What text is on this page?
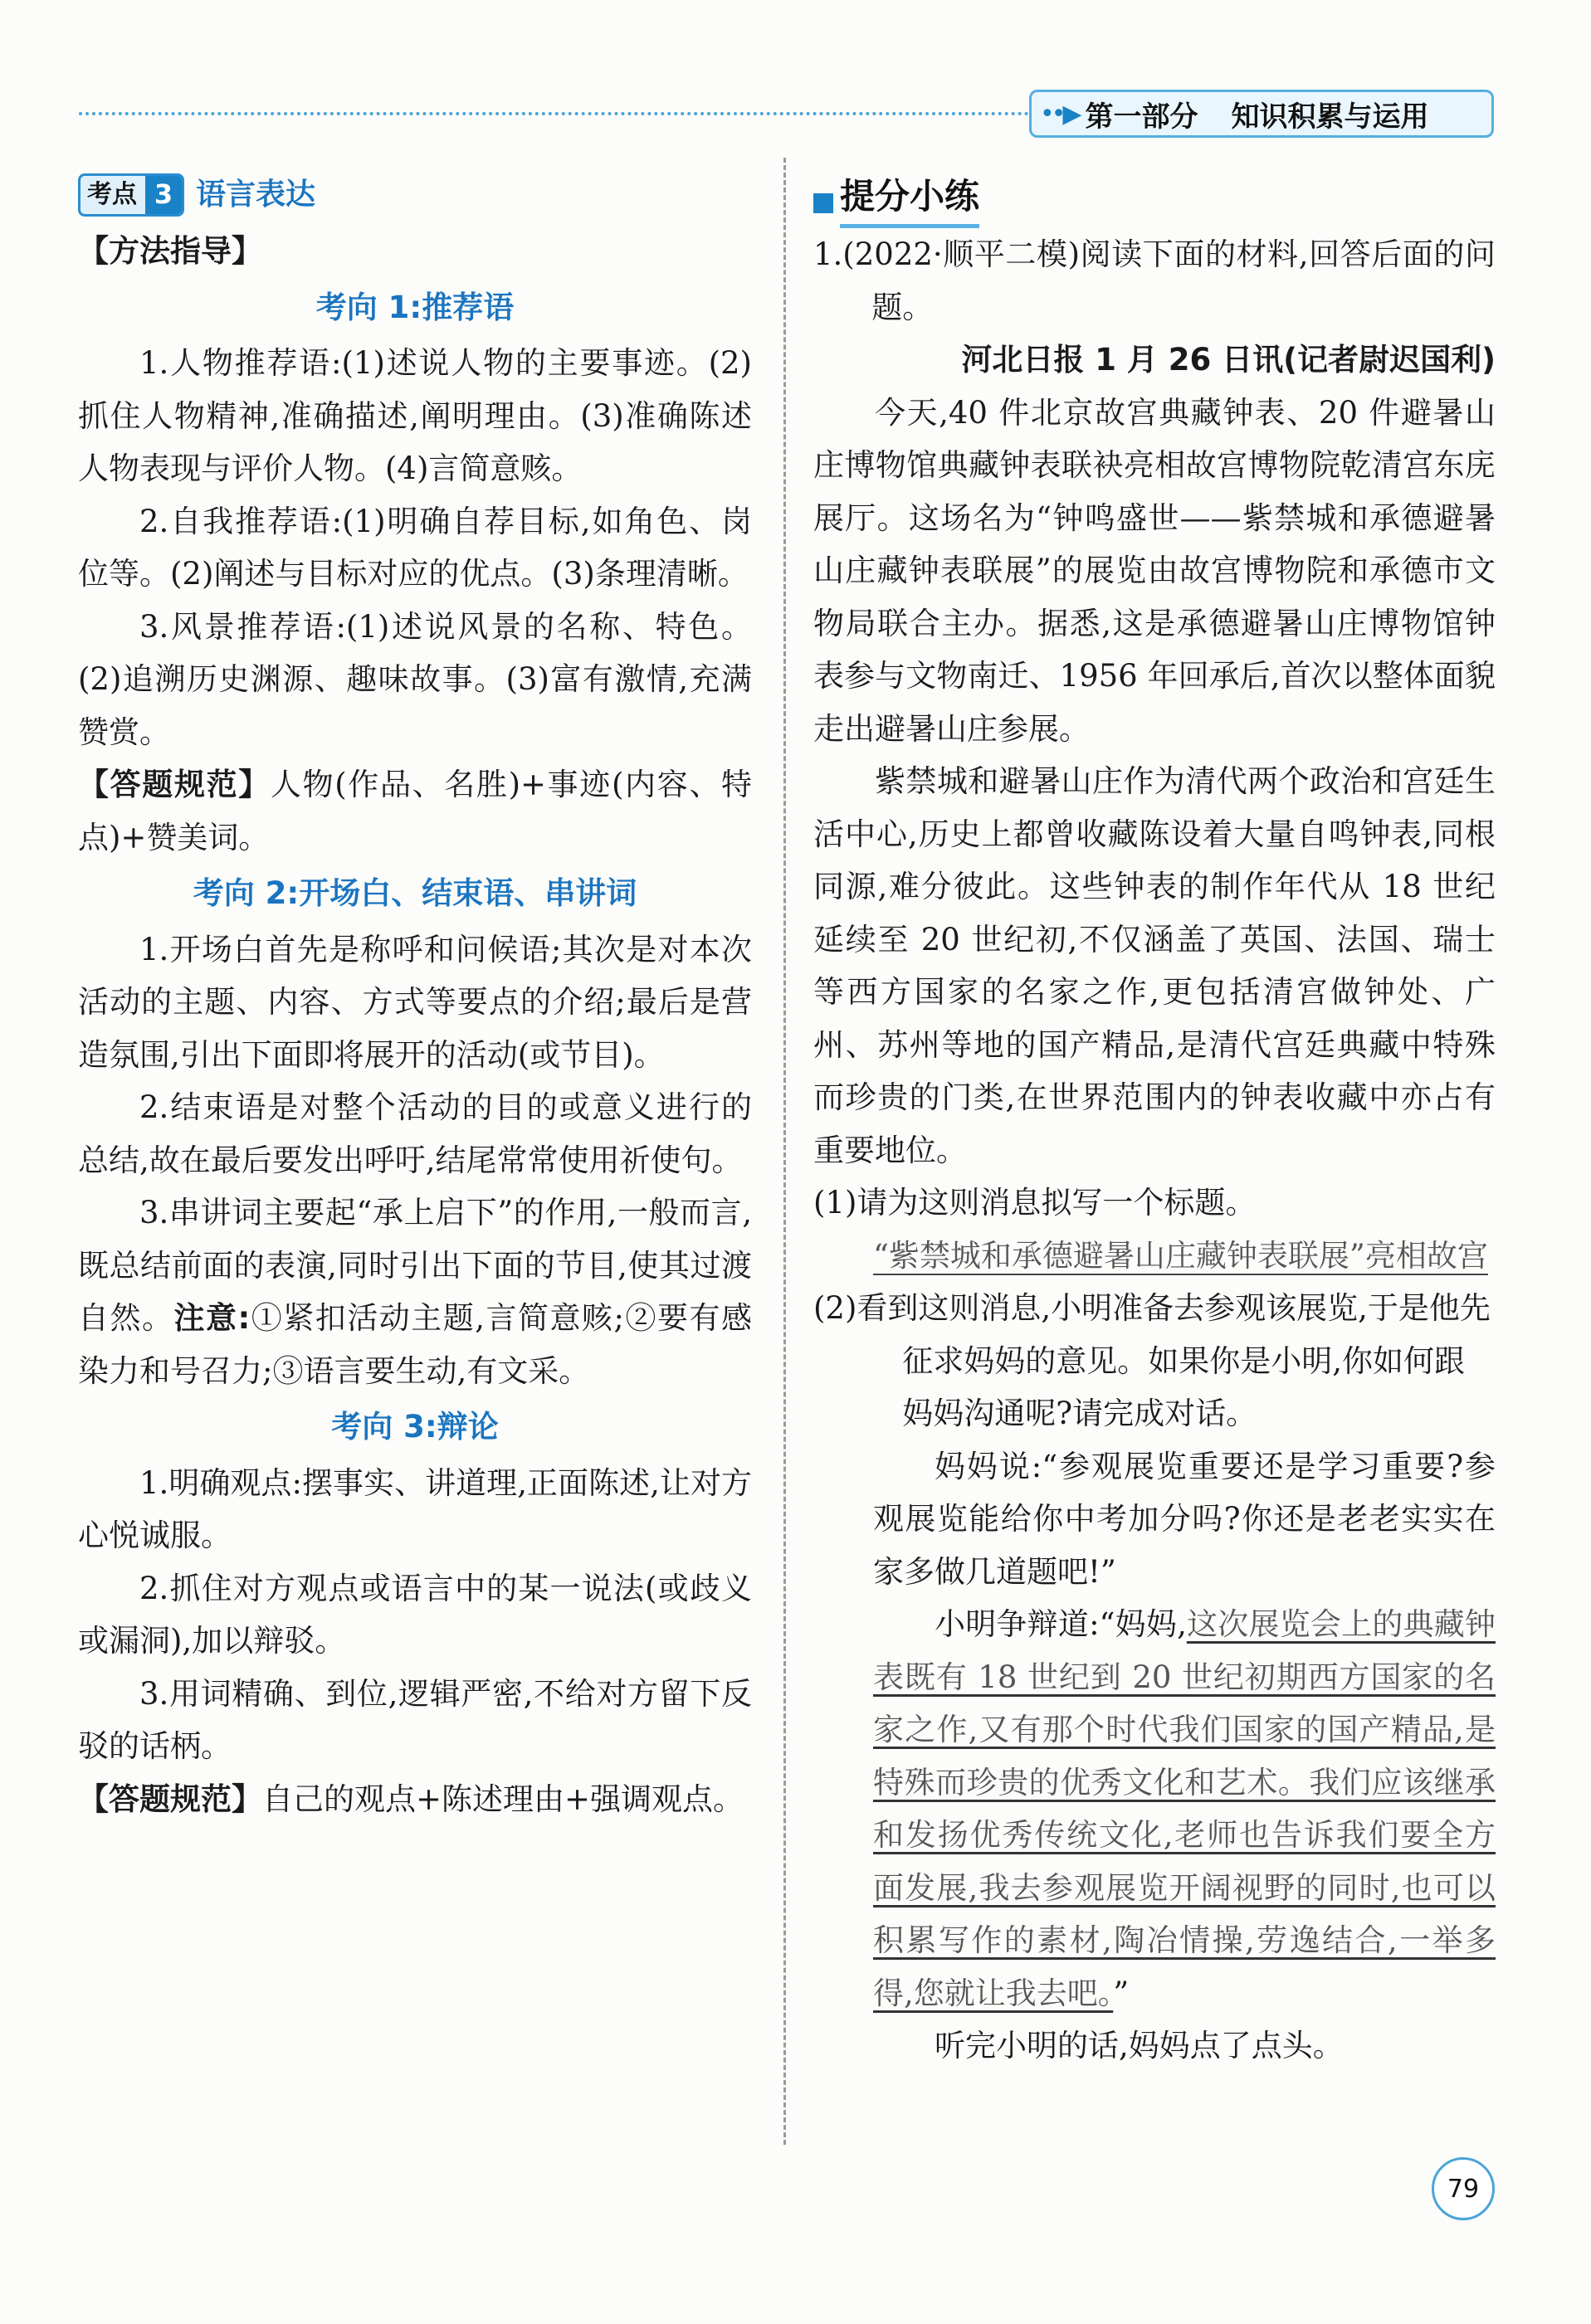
••▶ 第一部分 知识积累与运用
考点 3 语言表达

【方法指导】

考向 1:推荐语

1.人物推荐语:(1)述说人物的主要事迹。(2)抓住人物精神,准确描述,阐明理由。(3)准确陈述人物表现与评价人物。(4)言简意赅。

2.自我推荐语:(1)明确自荐目标,如角色、岗位等。(2)阐述与目标对应的优点。(3)条理清晰。

3.风景推荐语:(1)述说风景的名称、特色。(2)追溯历史渊源、趣味故事。(3)富有激情,充满赞赏。

【答题规范】人物(作品、名胜)+事迹(内容、特点)+赞美词。

考向 2:开场白、结束语、串讲词

1.开场白首先是称呼和问候语;其次是对本次活动的主题、内容、方式等要点的介绍;最后是营造氛围,引出下面即将展开的活动(或节目)。

2.结束语是对整个活动的目的或意义进行的总结,故在最后要发出呼吁,结尾常常使用祈使句。

3.串讲词主要起“承上启下”的作用,一般而言,既总结前面的表演,同时引出下面的节目,使其过渡自然。注意:①紧扣活动主题,言简意赅;②要有感染力和号召力;③语言要生动,有文采。

考向 3:辩论

1.明确观点:摆事实、讲道理,正面陈述,让对方心悦诚服。

2.抓住对方观点或语言中的某一说法(或歧义或漏洞),加以辩驳。

3.用词精确、到位,逻辑严密,不给对方留下反驳的话柄。

【答题规范】自己的观点+陈述理由+强调观点。

提分小练

1.(2022·顺平二模)阅读下面的材料,回答后面的问题。

河北日报 1 月 26 日讯(记者尉迟国利)

今天,40 件北京故宫典藏钟表、20 件避暑山庄博物馆典藏钟表联袂亮相故宫博物院乾清宫东庑展厅。这场名为“钟鸣盛世——紫禁城和承德避暑山庄藏钟表联展”的展览由故宫博物院和承德市文物局联合主办。据悉,这是承德避暑山庄博物馆钟表参与文物南迁、1956 年回承后,首次以整体面貌走出避暑山庄参展。

紫禁城和避暑山庄作为清代两个政治和宫廷生活中心,历史上都曾收藏陈设着大量自鸣钟表,同根同源,难分彼此。这些钟表的制作年代从 18 世纪延续至 20 世纪初,不仅涵盖了英国、法国、瑞士等西方国家的名家之作,更包括清宫做钟处、广州、苏州等地的国产精品,是清代宫廷典藏中特殊而珍贵的门类,在世界范围内的钟表收藏中亦占有重要地位。

(1)请为这则消息拟写一个标题。

“紫禁城和承德避暑山庄藏钟表联展”亮相故宫

(2)看到这则消息,小明准备去参观该展览,于是他先征求妈妈的意见。如果你是小明,你如何跟妈妈沟通呢?请完成对话。

妈妈说:“参观展览重要还是学习重要?参观展览能给你中考加分吗?你还是老老实实在家多做几道题吧!”

小明争辩道:“妈妈,这次展览会上的典藏钟表既有 18 世纪到 20 世纪初期西方国家的名家之作,又有那个时代我们国家的国产精品,是特殊而珍贵的优秀文化和艺术。我们应该继承和发扬优秀传统文化,老师也告诉我们要全方面发展,我去参观展览开阔视野的同时,也可以积累写作的素材,陶冶情操,劳逸结合,一举多得,您就让我去吧。”

听完小明的话,妈妈点了点头。

79
